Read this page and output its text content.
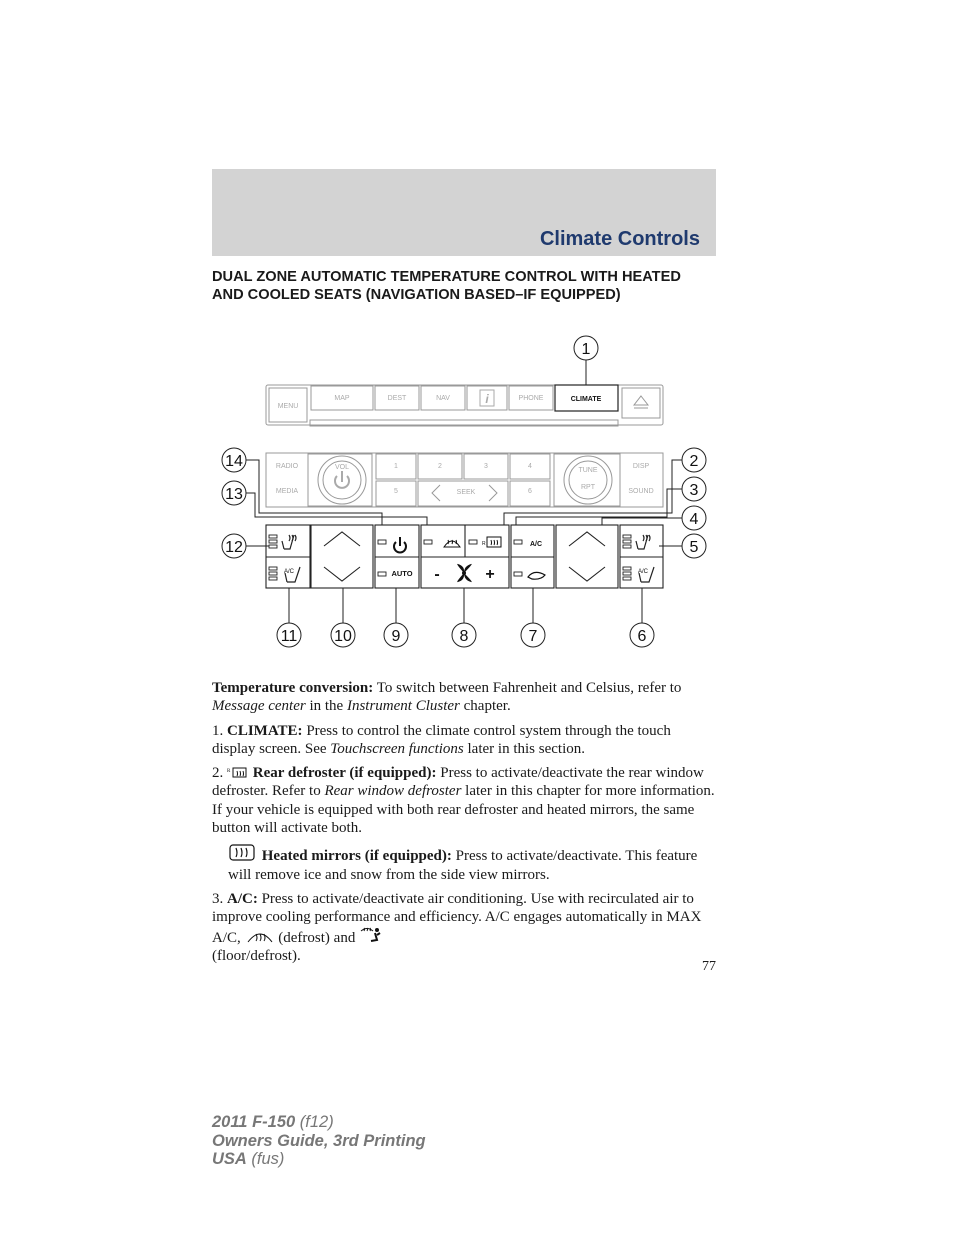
Climate Controls
DUAL ZONE AUTOMATIC TEMPERATURE CONTROL WITH HEATED AND COOLED SEATS (NAVIGATION BASED–IF EQUIPPED)
MENU
MAP	DEST	NAV	PHONE
RADIO
MEDIA
VOL	1	2	3	4
5	SEEK	6
TUNE
RPT
DISP
SOUND
i	CLIMATE
A/C	A/C
AUTO
R	A/C
-	+
1
2
3
4
5
6
7
8
9
10
11
12
13
14

Temperature conversion: To switch between Fahrenheit and Celsius, refer to Message center in the Instrument Cluster chapter.

1. CLIMATE: Press to control the climate control system through the touch display screen. See Touchscreen functions later in this section.

2. R Rear defroster (if equipped): Press to activate/deactivate the rear window defroster. Refer to Rear window defroster later in this chapter for more information. If your vehicle is equipped with both rear defroster and heated mirrors, the same button will activate both.

Heated mirrors (if equipped): Press to activate/deactivate. This feature will remove ice and snow from the side view mirrors.

3. A/C: Press to activate/deactivate air conditioning. Use with recirculated air to improve cooling performance and efficiency. A/C engages automatically in MAX A/C,  (defrost) and
(floor/defrost).

77
2011 F-150 (f12)
Owners Guide, 3rd Printing
USA (fus)
